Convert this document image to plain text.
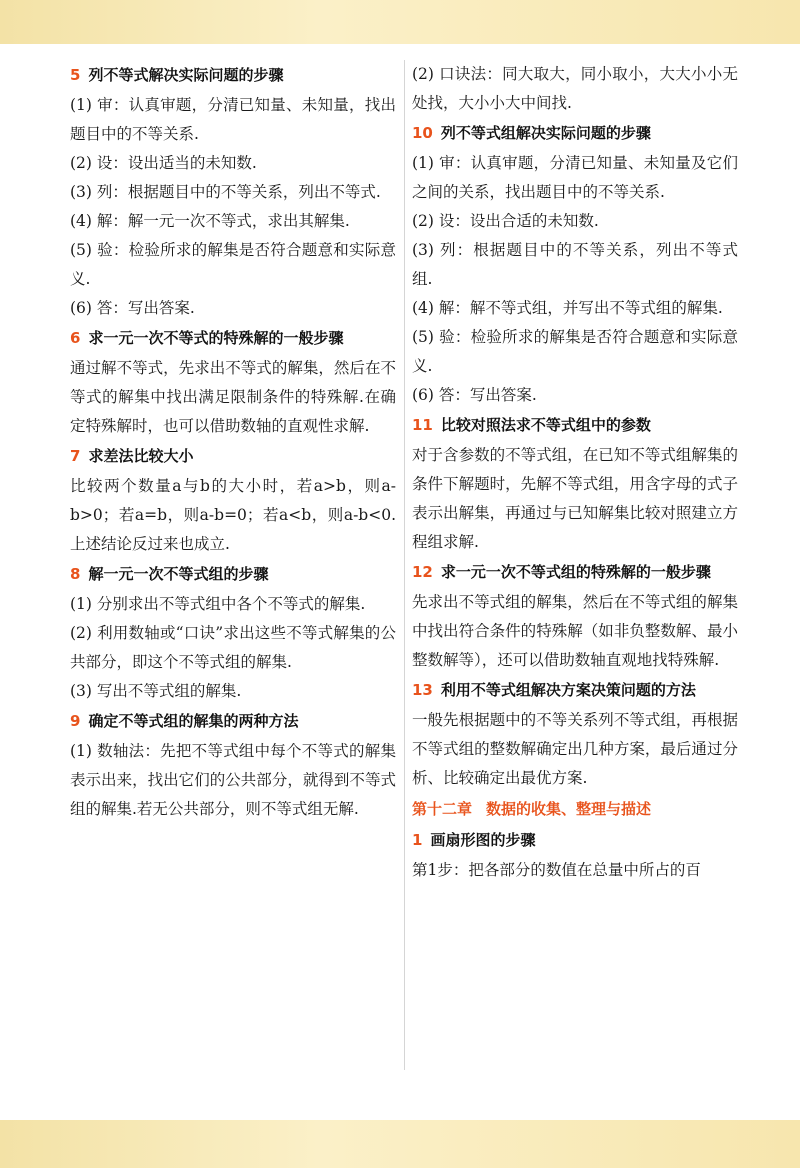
5 列不等式解决实际问题的步骤

(1) 审：认真审题，分清已知量、未知量，找出题目中的不等关系.

(2) 设：设出适当的未知数.

(3) 列：根据题目中的不等关系，列出不等式.

(4) 解：解一元一次不等式，求出其解集.

(5) 验：检验所求的解集是否符合题意和实际意义.

(6) 答：写出答案.

6 求一元一次不等式的特殊解的一般步骤

通过解不等式，先求出不等式的解集，然后在不等式的解集中找出满足限制条件的特殊解.在确定特殊解时，也可以借助数轴的直观性求解.

7 求差法比较大小

比较两个数量a与b的大小时，若a>b，则a-b>0；若a=b，则a-b=0；若a<b，则a-b<0.上述结论反过来也成立.

8 解一元一次不等式组的步骤

(1) 分别求出不等式组中各个不等式的解集.

(2) 利用数轴或“口诀”求出这些不等式解集的公共部分，即这个不等式组的解集.

(3) 写出不等式组的解集.

9 确定不等式组的解集的两种方法

(1) 数轴法：先把不等式组中每个不等式的解集表示出来，找出它们的公共部分，就得到不等式组的解集.若无公共部分，则不等式组无解.

(2) 口诀法：同大取大，同小取小，大大小小无处找，大小小大中间找.

10 列不等式组解决实际问题的步骤

(1) 审：认真审题，分清已知量、未知量及它们之间的关系，找出题目中的不等关系.

(2) 设：设出合适的未知数.

(3) 列：根据题目中的不等关系，列出不等式组.

(4) 解：解不等式组，并写出不等式组的解集.

(5) 验：检验所求的解集是否符合题意和实际意义.

(6) 答：写出答案.

11 比较对照法求不等式组中的参数

对于含参数的不等式组，在已知不等式组解集的条件下解题时，先解不等式组，用含字母的式子表示出解集，再通过与已知解集比较对照建立方程组求解.

12 求一元一次不等式组的特殊解的一般步骤

先求出不等式组的解集，然后在不等式组的解集中找出符合条件的特殊解（如非负整数解、最小整数解等），还可以借助数轴直观地找特殊解.

13 利用不等式组解决方案决策问题的方法

一般先根据题中的不等关系列不等式组，再根据不等式组的整数解确定出几种方案，最后通过分析、比较确定出最优方案.

第十二章 数据的收集、整理与描述
1 画扇形图的步骤

第1步：把各部分的数值在总量中所占的百
